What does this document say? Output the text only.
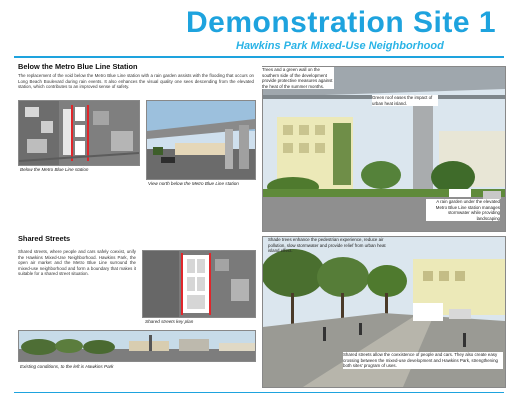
Demonstration Site 1
Hawkins Park Mixed-Use Neighborhood
Below the Metro Blue Line Station
The replacement of the void below the Metro Blue Line station with a rain garden assists with the flooding that occurs on Long Beach Boulevard during rain events. It also enhances the visual quality one sees descending from the elevated station, which contributes to an improved sense of safety.
Below the Metro Blue Line station
View north below the Metro Blue Line station
Shared Streets
Shared streets, where people and cars safely coexist, unify the Hawkins Mixed-Use Neighborhood. Hawkins Park, the open air market and the Metro Blue Line surround the mixed-use neighborhood and form a boundary that makes it suitable for a shared street situation.
Shared streets key plan
Existing conditions, to the left is Hawkins Park
Trees and a green wall on the southern side of the development provide protective measures against the heat of the summer months.
Green roof eases the impact of urban heat island.
A rain garden under the elevated Metro Blue Line station manages stormwater while providing landscaping
Shade trees enhance the pedestrian experience, reduce air pollution, slow stormwater and provide relief from urban heat island effect.
Shared streets allow the coexistence of people and cars. They also create easy crossing between the mixed-use development and Hawkins Park, strengthening both sites' program of uses.
